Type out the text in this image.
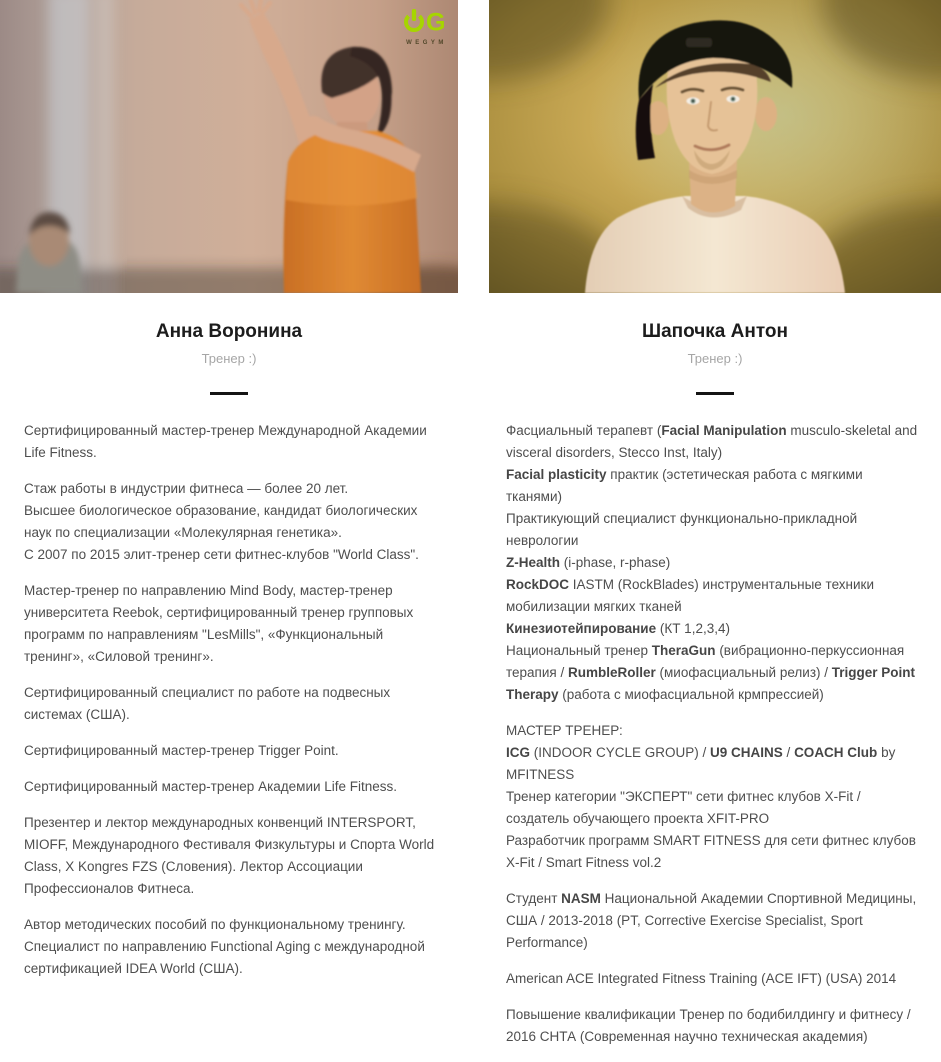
G
WEGYM
Анна Воронина
Тренер :)

Сертифицированный мастер-тренер Международной Академии Life Fitness.

Стаж работы в индустрии фитнеса — более 20 лет.
Высшее биологическое образование, кандидат биологических наук по специализации «Молекулярная генетика».
С 2007 по 2015 элит-тренер сети фитнес-клубов "World Class".

Мастер-тренер по направлению Mind Body, мастер-тренер университета Reebok, сертифицированный тренер групповых программ по направлениям "LesMills", «Функциональный тренинг», «Силовой тренинг».

Сертифицированный специалист по работе на подвесных системах (США).

Сертифицированный мастер-тренер Trigger Point.

Сертифицированный мастер-тренер Академии Life Fitness.

Презентер и лектор международных конвенций INTERSPORT, MIOFF, Международного Фестиваля Физкультуры и Спорта World Class, X Kongres FZS (Словения). Лектор Ассоциации Профессионалов Фитнеса.

Автор методических пособий по функциональному тренингу.
Специалист по направлению Functional Aging с международной сертификацией IDEA World (США).

Шапочка Антон
Тренер :)

Фасциальный терапевт (Facial Manipulation musculo-skeletal and visceral disorders, Stecco Inst, Italy)
Facial plasticity практик (эстетическая работа с мягкими тканями)
Практикующий специалист функционально-прикладной неврологии
Z-Health (i-phase, r-phase)
RockDOC IASTM (RockBlades) инструментальные техники мобилизации мягких тканей
Кинезиотейпирование (КТ 1,2,3,4)
Национальный тренер TheraGun (вибрационно-перкуссионная терапия / RumbleRoller (миофасциальный релиз) / Trigger Point Therapy (работа с миофасциальной крмпрессией)

МАСТЕР ТРЕНЕР:
ICG (INDOOR CYCLE GROUP) / U9 CHAINS / COACH Club by MFITNESS
Тренер категории "ЭКСПЕРТ" сети фитнес клубов X-Fit / создатель обучающего проекта XFIT-PRO
Разработчик программ SMART FITNESS для сети фитнес клубов X-Fit / Smart Fitness vol.2

Студент NASM Национальной Академии Спортивной Медицины, США / 2013-2018 (PT, Corrective Exercise Specialist, Sport Performance)

American ACE Integrated Fitness Training (ACE IFT) (USA) 2014

Повышение квалификации Тренер по бодибилдингу и фитнесу / 2016 СНТА (Современная научно техническая академия)
